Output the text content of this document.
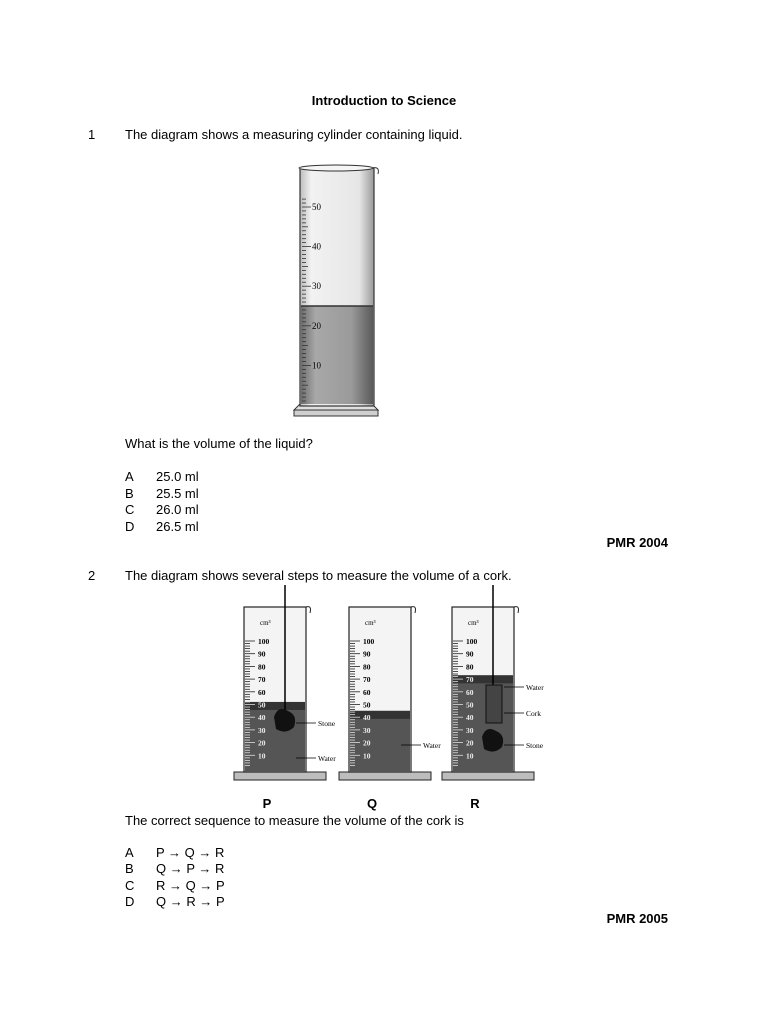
Introduction to Science
1 The diagram shows a measuring cylinder containing liquid.
50
40
30
20
10
What is the volume of the liquid?
A 25.0 ml
B 25.5 ml
C 26.0 ml
D 26.5 ml
PMR 2004
2 The diagram shows several steps to measure the volume of a cork.
cm³
100
90
80
70
60
50
40
30
20
10
Stone
Water
cm³
100
90
80
70
60
50
40
30
20
10
Water
cm³
100
90
80
70
60
50
40
30
20
10
Water
Cork
Stone
P	Q	R
The correct sequence to measure the volume of the cork is
A P → Q → R
B Q → P → R
C R → Q → P
D Q → R → P
PMR 2005
